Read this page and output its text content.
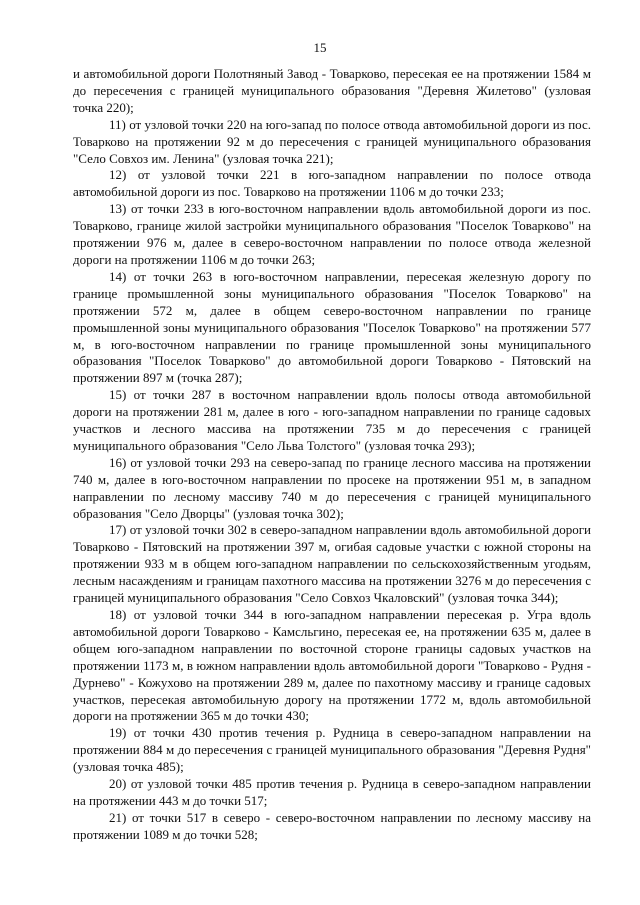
15

и автомобильной дороги Полотняный Завод - Товарково, пересекая ее на протяжении 1584 м до пересечения с границей муниципального образования "Деревня Жилетово" (узловая точка 220);

11) от узловой точки 220 на юго-запад по полосе отвода автомобильной дороги из пос. Товарково на протяжении 92 м до пересечения с границей муниципального образования "Село Совхоз им. Ленина" (узловая точка 221);

12) от узловой точки 221 в юго-западном направлении по полосе отвода автомобильной дороги из пос. Товарково на протяжении 1106 м до точки 233;

13) от точки 233 в юго-восточном направлении вдоль автомобильной дороги из пос. Товарково, границе жилой застройки муниципального образования "Поселок Товарково" на протяжении 976 м, далее в северо-восточном направлении по полосе отвода железной дороги на протяжении 1106 м до точки 263;

14) от точки 263 в юго-восточном направлении, пересекая железную дорогу по границе промышленной зоны муниципального образования "Поселок Товарково" на протяжении 572 м, далее в общем северо-восточном направлении по границе промышленной зоны муниципального образования "Поселок Товарково" на протяжении 577 м, в юго-восточном направлении по границе промышленной зоны муниципального образования "Поселок Товарково" до автомобильной дороги Товарково - Пятовский на протяжении 897 м (точка 287);

15) от точки 287 в восточном направлении вдоль полосы отвода автомобильной дороги на протяжении 281 м, далее в юго - юго-западном направлении по границе садовых участков и лесного массива на протяжении 735 м до пересечения с границей муниципального образования "Село Льва Толстого" (узловая точка 293);

16) от узловой точки 293 на северо-запад по границе лесного массива на протяжении 740 м, далее в юго-восточном направлении по просеке на протяжении 951 м, в западном направлении по лесному массиву 740 м до пересечения с границей муниципального образования "Село Дворцы" (узловая точка 302);

17) от узловой точки 302 в северо-западном направлении вдоль автомобильной дороги Товарково - Пятовский на протяжении 397 м, огибая садовые участки с южной стороны на протяжении 933 м в общем юго-западном направлении по сельскохозяйственным угодьям, лесным насаждениям и границам пахотного массива на протяжении 3276 м до пересечения с границей муниципального образования "Село Совхоз Чкаловский" (узловая точка 344);

18) от узловой точки 344 в юго-западном направлении пересекая р. Угра вдоль автомобильной дороги Товарково - Камсльгино, пересекая ее, на протяжении 635 м, далее в общем юго-западном направлении по восточной стороне границы садовых участков на протяжении 1173 м, в южном направлении вдоль автомобильной дороги "Товарково - Рудня - Дурнево" - Кожухово на протяжении 289 м, далее по пахотному массиву и границе садовых участков, пересекая автомобильную дорогу на протяжении 1772 м, вдоль автомобильной дороги на протяжении 365 м до точки 430;

19) от точки 430 против течения р. Рудница в северо-западном направлении на протяжении 884 м до пересечения с границей муниципального образования "Деревня Рудня" (узловая точка 485);

20) от узловой точки 485 против течения р. Рудница в северо-западном направлении на протяжении 443 м до точки 517;

21) от точки 517 в северо - северо-восточном направлении по лесному массиву на протяжении 1089 м до точки 528;
